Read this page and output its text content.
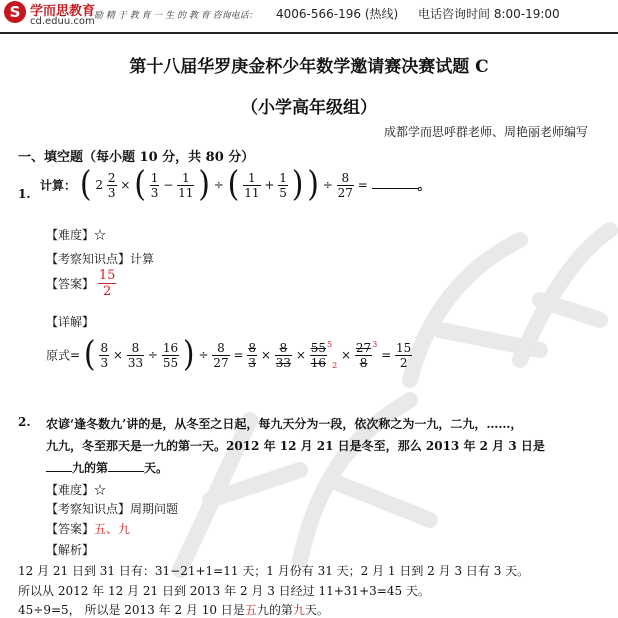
S 学而思教育
cd.eduu.com 励 精 于 教 育 一 生 的 教 育 咨询电话： 4006-566-196 (热线) 电话咨询时间 8:00-19:00
第十八届华罗庚金杯少年数学邀请赛决赛试题 C
（小学高年级组）
成都学而思呼群老师、周艳丽老师编写
一、填空题（每小题 10 分，共 80 分）
1.
计算： ( $2 \frac{2}{3}$ × ( $\frac{1}{3} - \frac{1}{11}$ ) ÷ ( $\frac{1}{11} + \frac{1}{5}$ ) ) ÷ $\frac{8}{27}$ =	。
【难度】☆
【考察知识点】计算
【答案】 $\frac{15}{2}$
【详解】
原式= ( $\frac{8}{3} \times \frac{8}{33} \div \frac{16}{55}$ ) ÷ $\frac{8}{27} = \frac{8}{3} \times \frac{8}{33} \times \frac{55}{16} ^52 \times \frac{27}{8} ^3 = \frac{15}{2}$
2. 农谚‘逢冬数九’讲的是，从冬至之日起，每九天分为一段，依次称之为一九，二九，……，
九九，冬至那天是一九的第一天。2012 年 12 月 21 日是冬至，那么 2013 年 2 月 3 日是
九的第	天。
【难度】☆
【考察知识点】周期问题
【答案】五、九
【解析】
12 月 21 日到 31 日有：31−21+1=11 天；1 月份有 31 天；2 月 1 日到 2 月 3 日有 3 天。
所以从 2012 年 12 月 21 日到 2013 年 2 月 3 日经过 11+31+3=45 天。
45÷9=5， 所以是 2013 年 2 月 10 日是五九的第九天。
